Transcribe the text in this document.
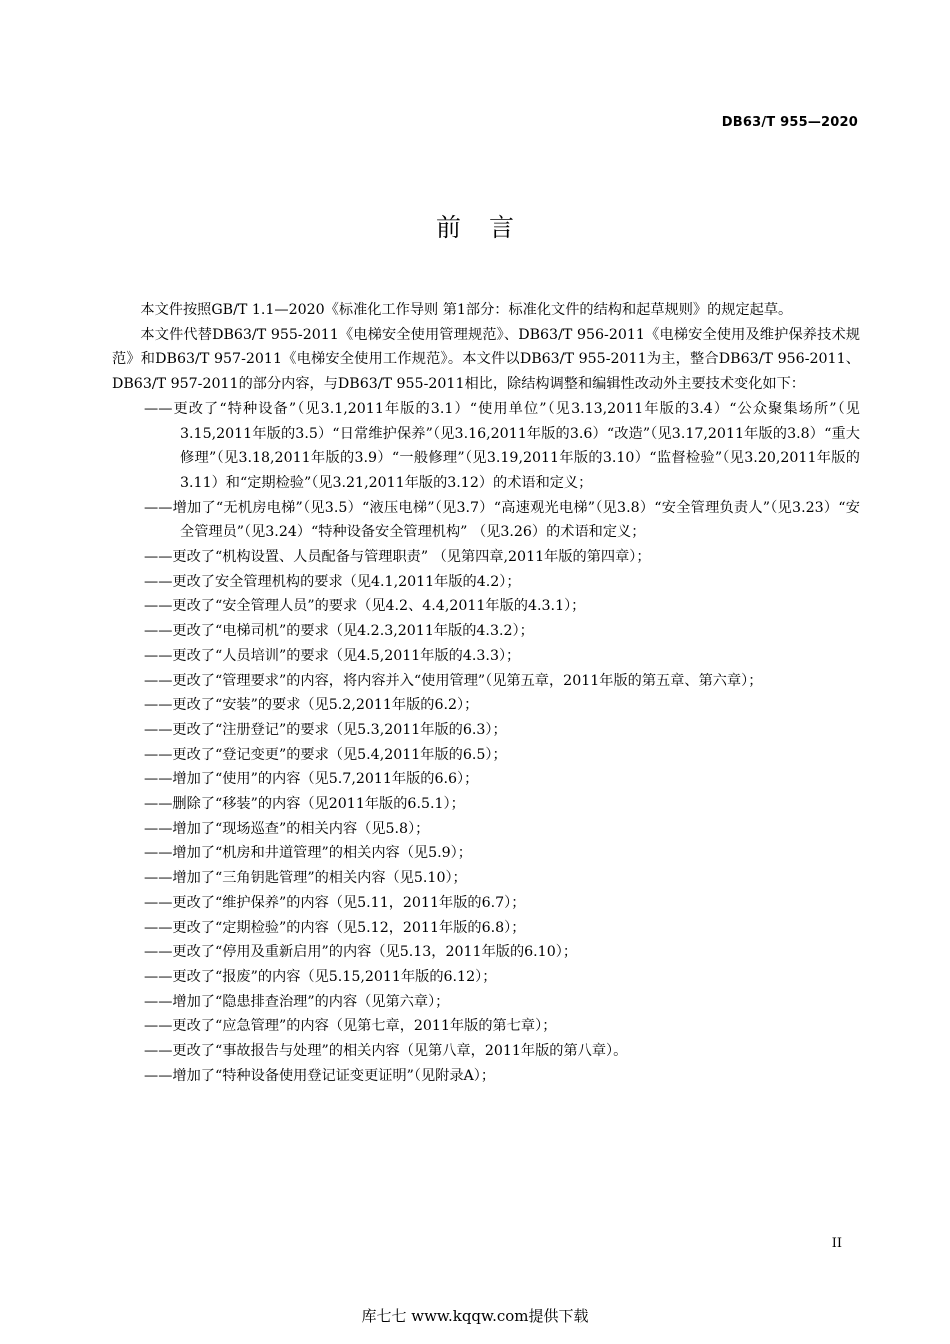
DB63/T 955—2020
前言

本文件按照GB/T 1.1—2020《标准化工作导则 第1部分：标准化文件的结构和起草规则》的规定起草。

本文件代替DB63/T 955-2011《电梯安全使用管理规范》、DB63/T 956-2011《电梯安全使用及维护保养技术规范》和DB63/T 957-2011《电梯安全使用工作规范》。本文件以DB63/T 955-2011为主，整合DB63/T 956-2011、DB63/T 957-2011的部分内容，与DB63/T 955-2011相比，除结构调整和编辑性改动外主要技术变化如下：

——更改了“特种设备”（见3.1,2011年版的3.1）“使用单位”（见3.13,2011年版的3.4）“公众聚集场所”（见3.15,2011年版的3.5）“日常维护保养”（见3.16,2011年版的3.6）“改造”（见3.17,2011年版的3.8）“重大修理”（见3.18,2011年版的3.9）“一般修理”（见3.19,2011年版的3.10）“监督检验”（见3.20,2011年版的3.11）和“定期检验”（见3.21,2011年版的3.12）的术语和定义；
——增加了“无机房电梯”（见3.5）“液压电梯”（见3.7）“高速观光电梯”（见3.8）“安全管理负责人”（见3.23）“安全管理员”（见3.24）“特种设备安全管理机构” （见3.26）的术语和定义；
——更改了“机构设置、人员配备与管理职责” （见第四章,2011年版的第四章）；
——更改了安全管理机构的要求（见4.1,2011年版的4.2）；
——更改了“安全管理人员”的要求（见4.2、4.4,2011年版的4.3.1）；
——更改了“电梯司机”的要求（见4.2.3,2011年版的4.3.2）；
——更改了“人员培训”的要求（见4.5,2011年版的4.3.3）；
——更改了“管理要求”的内容，将内容并入“使用管理”（见第五章，2011年版的第五章、第六章）；
——更改了“安装”的要求（见5.2,2011年版的6.2）；
——更改了“注册登记”的要求（见5.3,2011年版的6.3）；
——更改了“登记变更”的要求（见5.4,2011年版的6.5）；
——增加了“使用”的内容（见5.7,2011年版的6.6）；
——删除了“移装”的内容（见2011年版的6.5.1）；
——增加了“现场巡查”的相关内容（见5.8）；
——增加了“机房和井道管理”的相关内容（见5.9）；
——增加了“三角钥匙管理”的相关内容（见5.10）；
——更改了“维护保养”的内容（见5.11，2011年版的6.7）；
——更改了“定期检验”的内容（见5.12，2011年版的6.8）；
——更改了“停用及重新启用”的内容（见5.13，2011年版的6.10）；
——更改了“报废”的内容（见5.15,2011年版的6.12）；
——增加了“隐患排查治理”的内容（见第六章）；
——更改了“应急管理”的内容（见第七章，2011年版的第七章）；
——更改了“事故报告与处理”的相关内容（见第八章，2011年版的第八章）。
——增加了“特种设备使用登记证变更证明”（见附录A）；
II
库七七 www.kqqw.com提供下载
